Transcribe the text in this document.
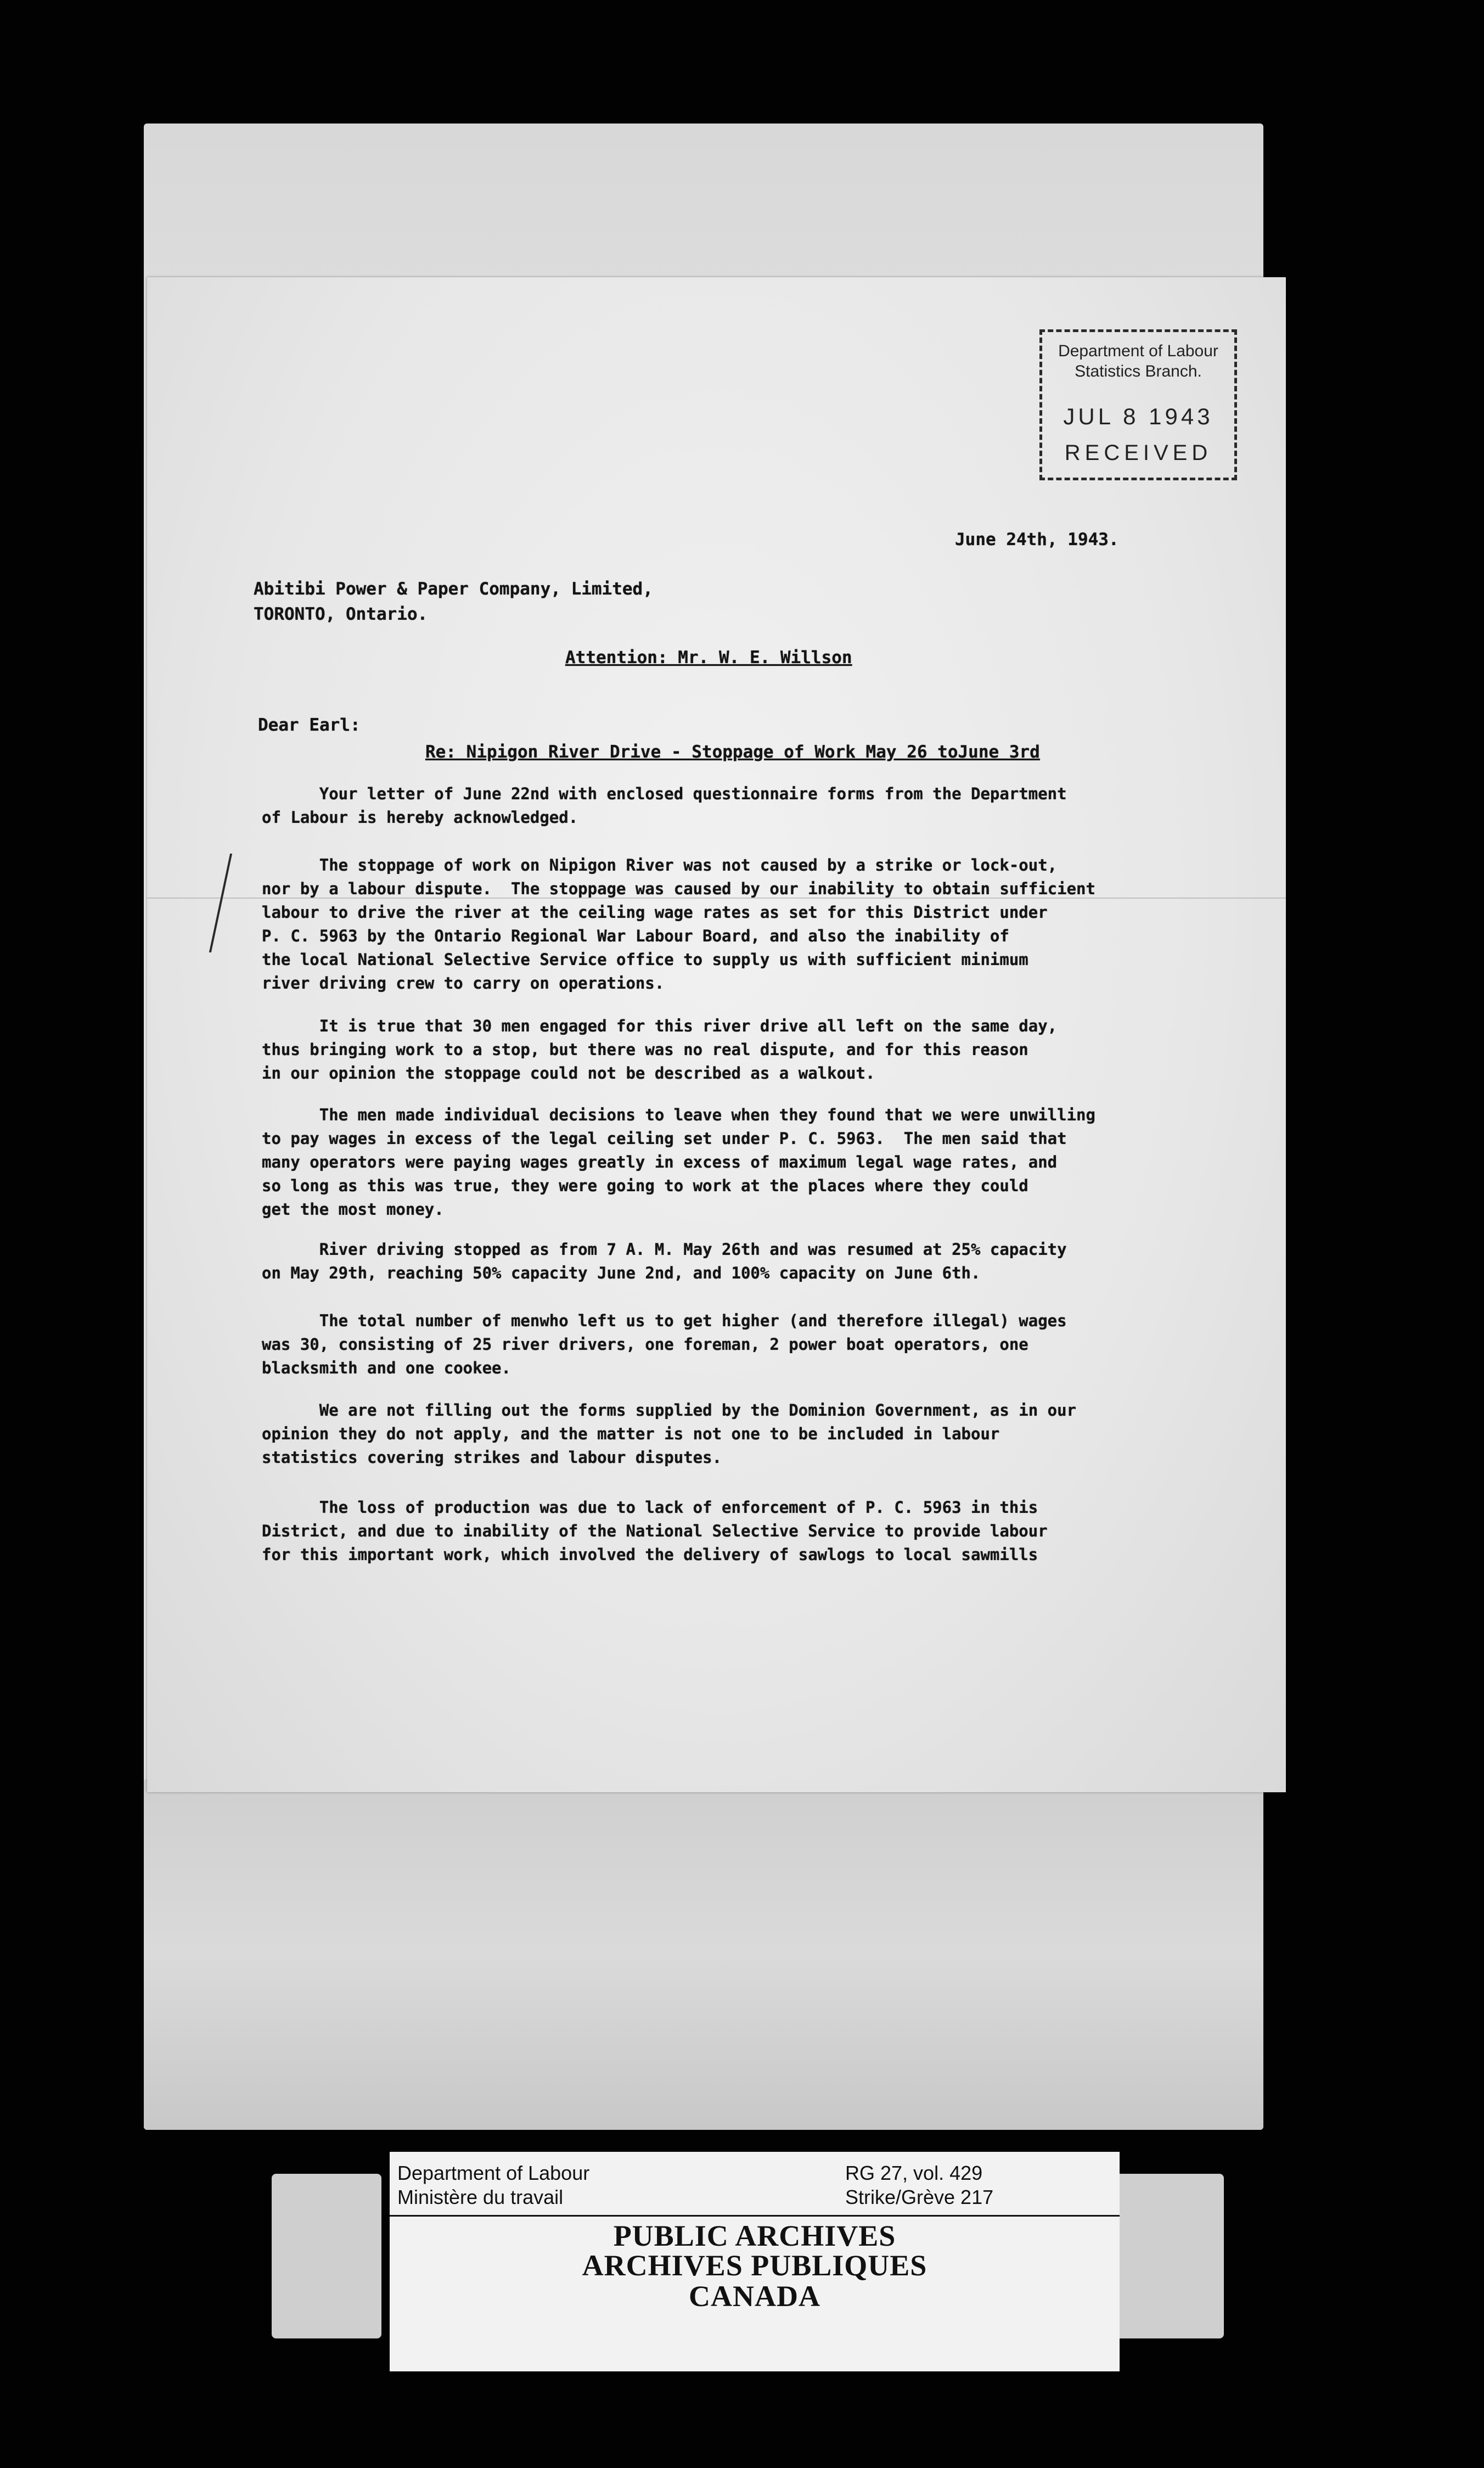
Department of Labour
Statistics Branch.
JUL 8 1943
RECEIVED
June 24th, 1943.
Abitibi Power & Paper Company, Limited,
TORONTO, Ontario.
Attention: Mr. W. E. Willson
Dear Earl:
Re: Nipigon River Drive - Stoppage of Work May 26 toJune 3rd
Your letter of June 22nd with enclosed questionnaire forms from the Department
of Labour is hereby acknowledged.
The stoppage of work on Nipigon River was not caused by a strike or lock-out,
nor by a labour dispute.  The stoppage was caused by our inability to obtain sufficient
labour to drive the river at the ceiling wage rates as set for this District under
P. C. 5963 by the Ontario Regional War Labour Board, and also the inability of
the local National Selective Service office to supply us with sufficient minimum
river driving crew to carry on operations.
It is true that 30 men engaged for this river drive all left on the same day,
thus bringing work to a stop, but there was no real dispute, and for this reason
in our opinion the stoppage could not be described as a walkout.
The men made individual decisions to leave when they found that we were unwilling
to pay wages in excess of the legal ceiling set under P. C. 5963.  The men said that
many operators were paying wages greatly in excess of maximum legal wage rates, and
so long as this was true, they were going to work at the places where they could
get the most money.
River driving stopped as from 7 A. M. May 26th and was resumed at 25% capacity
on May 29th, reaching 50% capacity June 2nd, and 100% capacity on June 6th.
The total number of menwho left us to get higher (and therefore illegal) wages
was 30, consisting of 25 river drivers, one foreman, 2 power boat operators, one
blacksmith and one cookee.
We are not filling out the forms supplied by the Dominion Government, as in our
opinion they do not apply, and the matter is not one to be included in labour
statistics covering strikes and labour disputes.
The loss of production was due to lack of enforcement of P. C. 5963 in this
District, and due to inability of the National Selective Service to provide labour
for this important work, which involved the delivery of sawlogs to local sawmills
Department of Labour
Ministère du travail
RG 27, vol. 429
Strike/Grève 217
PUBLIC ARCHIVES
ARCHIVES PUBLIQUES
CANADA
